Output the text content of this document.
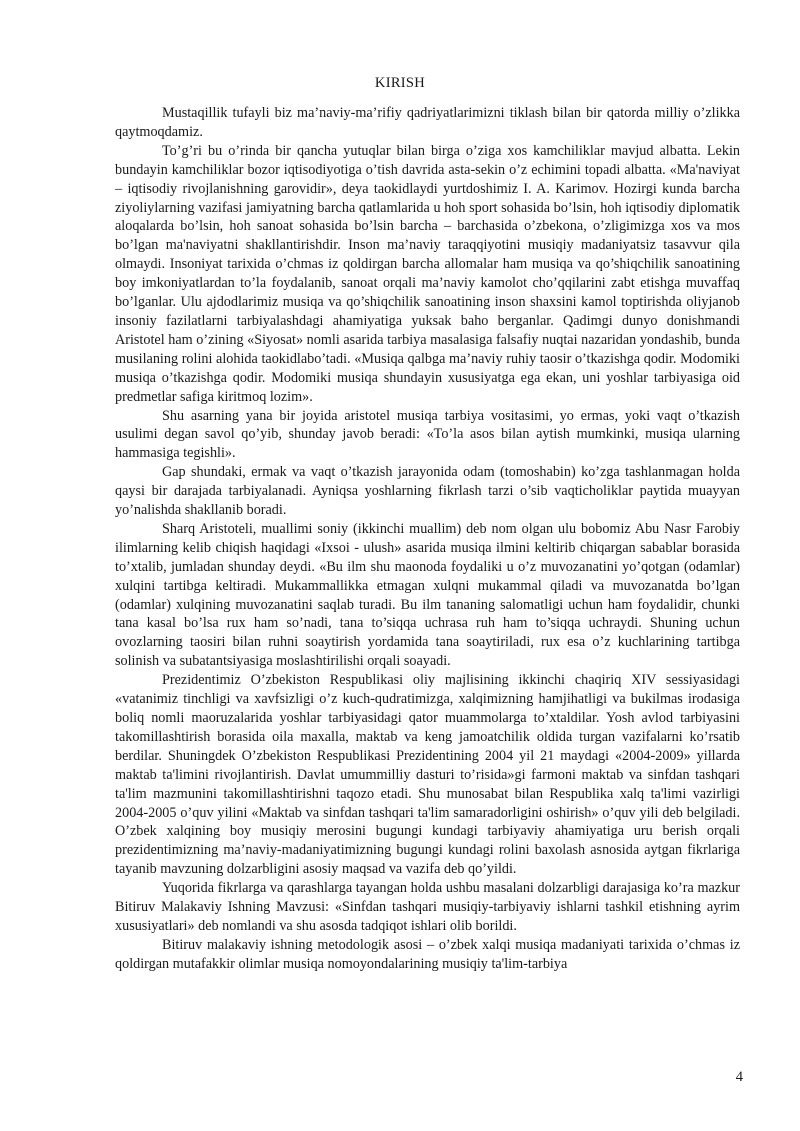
KIRISH

Mustaqillik tufayli biz ma’naviy-ma’rifiy qadriyatlarimizni tiklash bilan bir qatorda milliy o’zlikka qaytmoqdamiz.

To’g’ri bu o’rinda bir qancha yutuqlar bilan birga o’ziga xos kamchiliklar mavjud albatta. Lekin bundayin kamchiliklar bozor iqtisodiyotiga o’tish davrida asta-sekin o’z echimini topadi albatta. «Ma'naviyat – iqtisodiy rivojlanishning garovidir», deya taokidlaydi yurtdoshimiz I. A. Karimov. Hozirgi kunda barcha ziyoliylarning vazifasi jamiyatning barcha qatlamlarida u hoh sport sohasida bo’lsin, hoh iqtisodiy diplomatik aloqalarda bo’lsin, hoh sanoat sohasida bo’lsin barcha – barchasida o’zbekona, o’zligimizga xos va mos bo’lgan ma'naviyatni shakllantirishdir. Inson ma’naviy taraqqiyotini musiqiy madaniyatsiz tasavvur qila olmaydi. Insoniyat tarixida o’chmas iz qoldirgan barcha allomalar ham musiqa va qo’shiqchilik sanoatining boy imkoniyatlardan to’la foydalanib, sanoat orqali ma’naviy kamolot cho’qqilarini zabt etishga muvaffaq bo’lganlar. Ulu ajdodlarimiz musiqa va qo’shiqchilik sanoatining inson shaxsini kamol toptirishda oliyjanob insoniy fazilatlarni tarbiyalashdagi ahamiyatiga yuksak baho berganlar. Qadimgi dunyo donishmandi Aristotel ham o’zining «Siyosat» nomli asarida tarbiya masalasiga falsafiy nuqtai nazaridan yondashib, bunda musilaning rolini alohida taokidlabo’tadi. «Musiqa qalbga ma’naviy ruhiy taosir o’tkazishga qodir. Modomiki musiqa o’tkazishga qodir. Modomiki musiqa shundayin xususiyatga ega ekan, uni yoshlar tarbiyasiga oid predmetlar safiga kiritmoq lozim».

Shu asarning yana bir joyida aristotel musiqa tarbiya vositasimi, yo ermas, yoki vaqt o’tkazish usulimi degan savol qo’yib, shunday javob beradi: «To’la asos bilan aytish mumkinki, musiqa ularning hammasiga tegishli».

Gap shundaki, ermak va vaqt o’tkazish jarayonida odam (tomoshabin) ko’zga tashlanmagan holda qaysi bir darajada tarbiyalanadi. Ayniqsa yoshlarning fikrlash tarzi o’sib vaqticholiklar paytida muayyan yo’nalishda shakllanib boradi.

Sharq Aristoteli, muallimi soniy (ikkinchi muallim) deb nom olgan ulu bobomiz Abu Nasr Farobiy ilimlarning kelib chiqish haqidagi «Ixsoi - ulush» asarida musiqa ilmini keltirib chiqargan sabablar borasida to’xtalib, jumladan shunday deydi. «Bu ilm shu maonoda foydaliki u o’z muvozanatini yo’qotgan (odamlar) xulqini tartibga keltiradi. Mukammallikka etmagan xulqni mukammal qiladi va muvozanatda bo’lgan (odamlar) xulqining muvozanatini saqlab turadi. Bu ilm tananing salomatligi uchun ham foydalidir, chunki tana kasal bo’lsa rux ham so’nadi, tana to’siqqa uchrasa ruh ham to’siqqa uchraydi. Shuning uchun ovozlarning taosiri bilan ruhni soaytirish yordamida tana soaytiriladi, rux esa o’z kuchlarining tartibga solinish va subatantsiyasiga moslashtirilishi orqali soayadi.

Prezidentimiz O’zbekiston Respublikasi oliy majlisining ikkinchi chaqiriq XIV sessiyasidagi «vatanimiz tinchligi va xavfsizligi o’z kuch-qudratimizga, xalqimizning hamjihatligi va bukilmas irodasiga boliq nomli maoruzalarida yoshlar tarbiyasidagi qator muammolarga to’xtaldilar. Yosh avlod tarbiyasini takomillashtirish borasida oila maxalla, maktab va keng jamoatchilik oldida turgan vazifalarni ko’rsatib berdilar. Shuningdek O’zbekiston Respublikasi Prezidentining 2004 yil 21 maydagi «2004-2009» yillarda maktab ta'limini rivojlantirish. Davlat umummilliy dasturi to’risida»gi farmoni maktab va sinfdan tashqari ta'lim mazmunini takomillashtirishni taqozo etadi. Shu munosabat bilan Respublika xalq ta'limi vazirligi 2004-2005 o’quv yilini «Maktab va sinfdan tashqari ta'lim samaradorligini oshirish» o’quv yili deb belgiladi. O’zbek xalqining boy musiqiy merosini bugungi kundagi tarbiyaviy ahamiyatiga uru berish orqali prezidentimizning ma’naviy-madaniyatimizning bugungi kundagi rolini baxolash asnosida aytgan fikrlariga tayanib mavzuning dolzarbligini asosiy maqsad va vazifa deb qo’yildi.

Yuqorida fikrlarga va qarashlarga tayangan holda ushbu masalani dolzarbligi darajasiga ko’ra mazkur Bitiruv Malakaviy Ishning Mavzusi: «Sinfdan tashqari musiqiy-tarbiyaviy ishlarni tashkil etishning ayrim xususiyatlari» deb nomlandi va shu asosda tadqiqot ishlari olib borildi.

Bitiruv malakaviy ishning metodologik asosi – o’zbek xalqi musiqa madaniyati tarixida o’chmas iz qoldirgan mutafakkir olimlar musiqa nomoyondalarining musiqiy ta'lim-tarbiya

4
